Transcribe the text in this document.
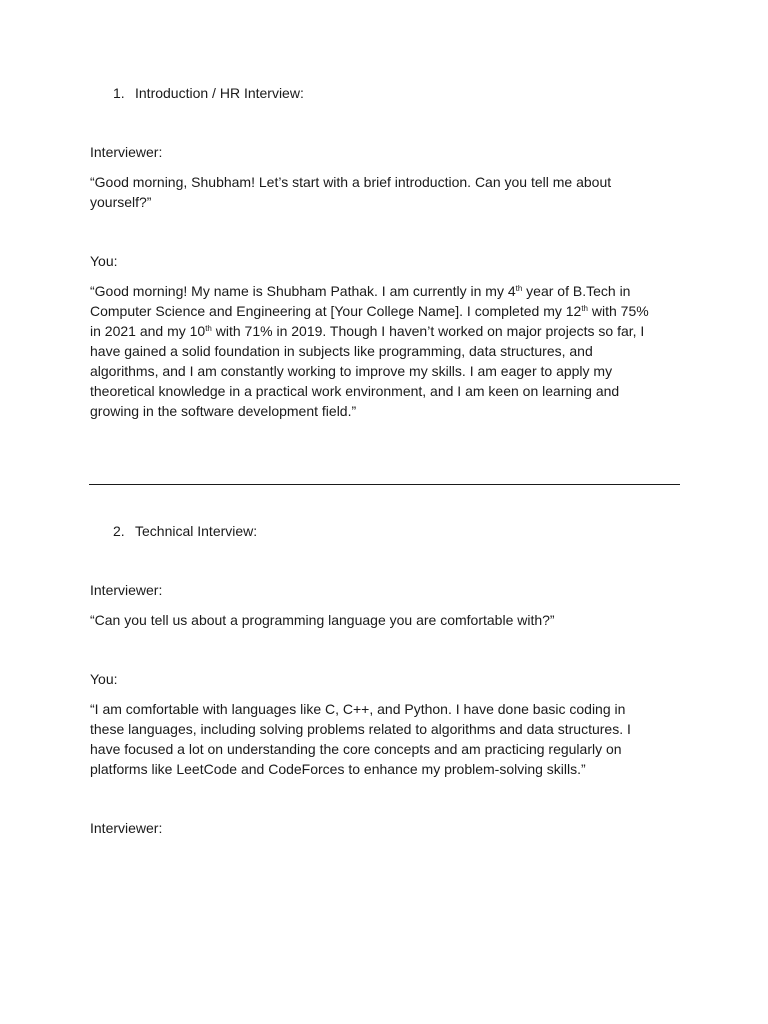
1. Introduction / HR Interview:
Interviewer:
“Good morning, Shubham! Let’s start with a brief introduction. Can you tell me about
yourself?”
You:
“Good morning! My name is Shubham Pathak. I am currently in my 4th year of B.Tech in
Computer Science and Engineering at [Your College Name]. I completed my 12th with 75%
in 2021 and my 10th with 71% in 2019. Though I haven’t worked on major projects so far, I
have gained a solid foundation in subjects like programming, data structures, and
algorithms, and I am constantly working to improve my skills. I am eager to apply my
theoretical knowledge in a practical work environment, and I am keen on learning and
growing in the software development field.”
2. Technical Interview:
Interviewer:
“Can you tell us about a programming language you are comfortable with?”
You:
“I am comfortable with languages like C, C++, and Python. I have done basic coding in
these languages, including solving problems related to algorithms and data structures. I
have focused a lot on understanding the core concepts and am practicing regularly on
platforms like LeetCode and CodeForces to enhance my problem-solving skills.”
Interviewer:
